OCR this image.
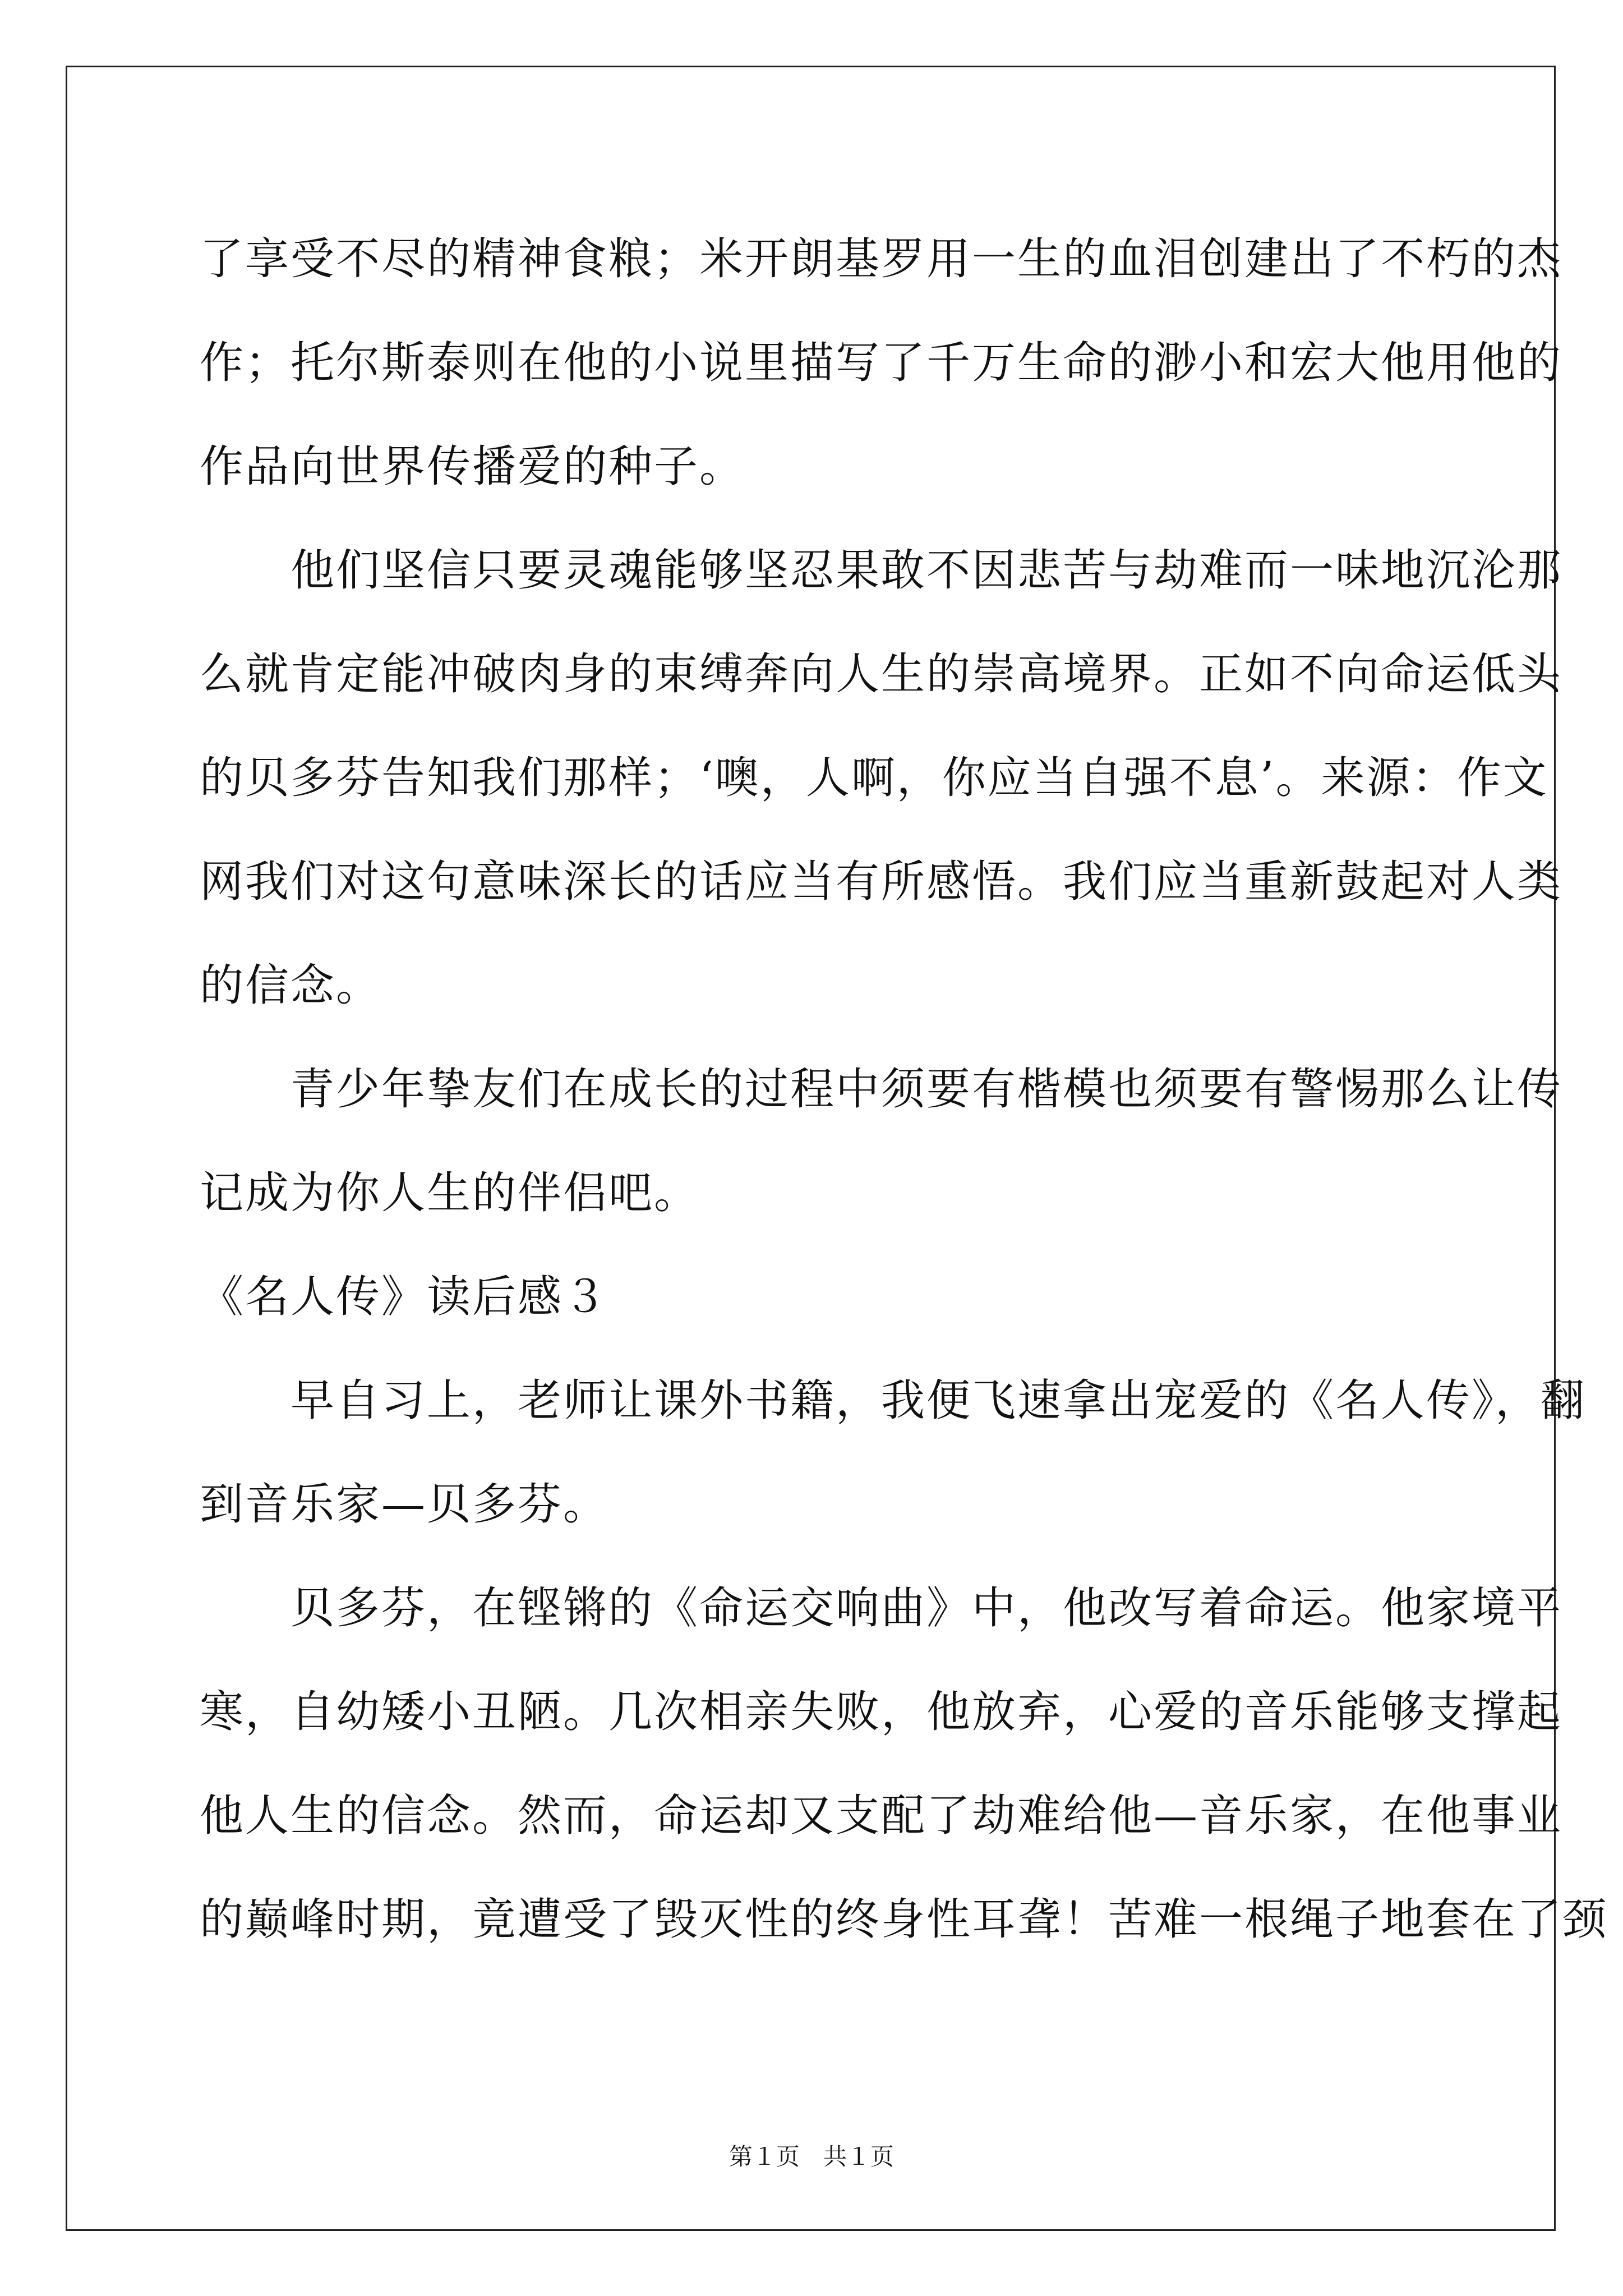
了享受不尽的精神食粮；米开朗基罗用一生的血泪创建出了不朽的杰
作；托尔斯泰则在他的小说里描写了千万生命的渺小和宏大他用他的
作品向世界传播爱的种子。
　　他们坚信只要灵魂能够坚忍果敢不因悲苦与劫难而一味地沉沦那
么就肯定能冲破肉身的束缚奔向人生的崇高境界。正如不向命运低头
的贝多芬告知我们那样；‘噢，人啊，你应当自强不息’。来源：作文
网我们对这句意味深长的话应当有所感悟。我们应当重新鼓起对人类
的信念。
　　青少年挚友们在成长的过程中须要有楷模也须要有警惕那么让传
记成为你人生的伴侣吧。
《名人传》读后感３
　　早自习上，老师让课外书籍，我便飞速拿出宠爱的《名人传》，翻
到音乐家—贝多芬。
　　贝多芬，在铿锵的《命运交响曲》中，他改写着命运。他家境平
寒，自幼矮小丑陋。几次相亲失败，他放弃，心爱的音乐能够支撑起
他人生的信念。然而，命运却又支配了劫难给他—音乐家，在他事业
的巅峰时期，竟遭受了毁灭性的终身性耳聋！苦难一根绳子地套在了颈
第１页　共１页
